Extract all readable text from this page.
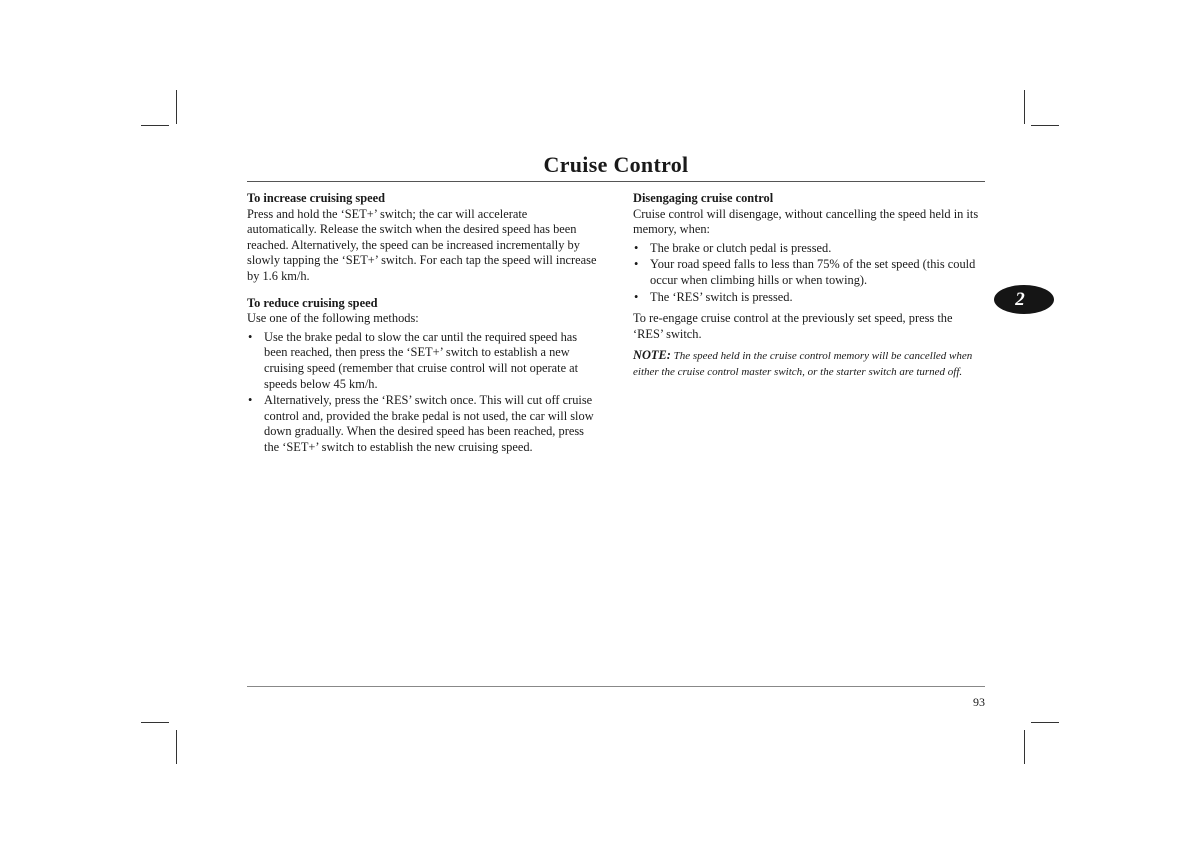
Cruise Control
To increase cruising speed

Press and hold the ‘SET+’ switch; the car will accelerate automatically. Release the switch when the desired speed has been reached. Alternatively, the speed can be increased incrementally by slowly tapping the ‘SET+’ switch. For each tap the speed will increase by 1.6 km/h.

To reduce cruising speed

Use one of the following methods:

• Use the brake pedal to slow the car until the required speed has been reached, then press the ‘SET+’ switch to establish a new cruising speed (remember that cruise control will not operate at speeds below 45 km/h.
• Alternatively, press the ‘RES’ switch once. This will cut off cruise control and, provided the brake pedal is not used, the car will slow down gradually. When the desired speed has been reached, press the ‘SET+’ switch to establish the new cruising speed.
Disengaging cruise control

Cruise control will disengage, without cancelling the speed held in its memory, when:

• The brake or clutch pedal is pressed.
• Your road speed falls to less than 75% of the set speed (this could occur when climbing hills or when towing).
• The ‘RES’ switch is pressed.

To re-engage cruise control at the previously set speed, press the ‘RES’ switch.

NOTE: The speed held in the cruise control memory will be cancelled when either the cruise control master switch, or the starter switch are turned off.

2
93
